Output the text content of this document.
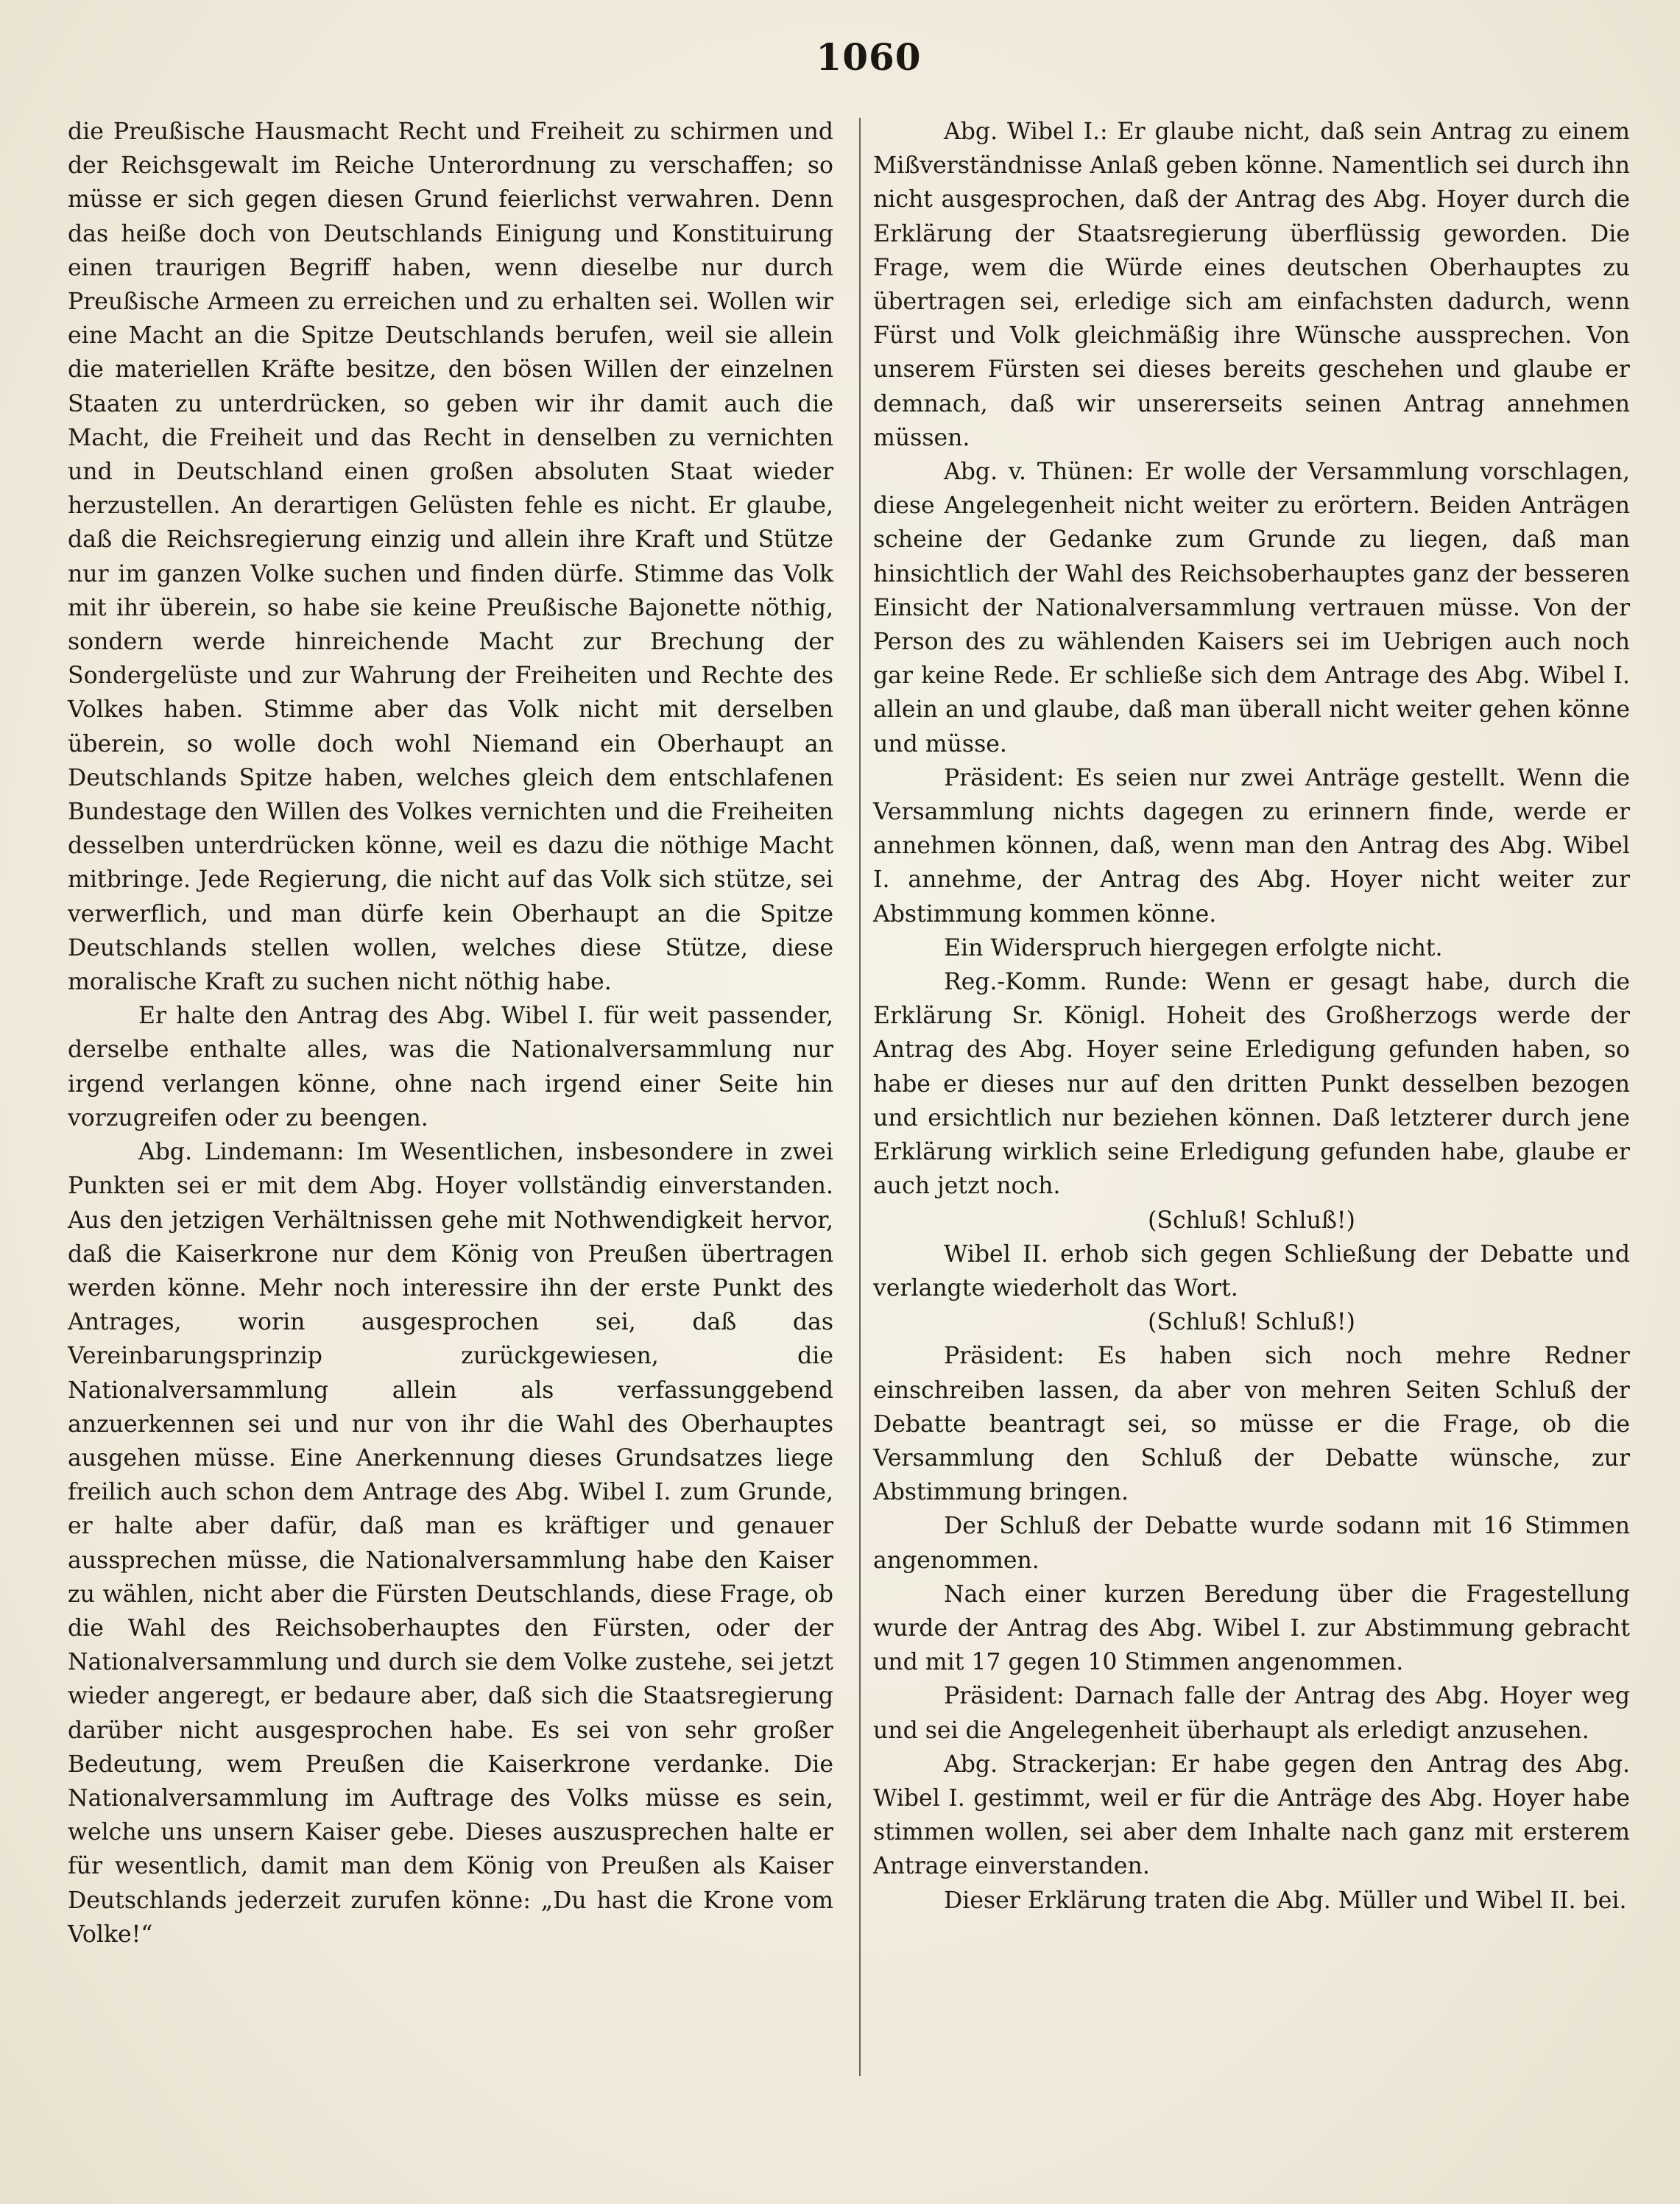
1060

die Preußische Hausmacht Recht und Freiheit zu schirmen und der Reichsgewalt im Reiche Unterordnung zu verschaffen; so müsse er sich gegen diesen Grund feierlichst verwahren. Denn das heiße doch von Deutschlands Einigung und Konstituirung einen traurigen Begriff haben, wenn dieselbe nur durch Preußische Armeen zu erreichen und zu erhalten sei. Wollen wir eine Macht an die Spitze Deutschlands berufen, weil sie allein die materiellen Kräfte besitze, den bösen Willen der einzelnen Staaten zu unterdrücken, so geben wir ihr damit auch die Macht, die Freiheit und das Recht in denselben zu vernichten und in Deutschland einen großen absoluten Staat wieder herzustellen. An derartigen Gelüsten fehle es nicht. Er glaube, daß die Reichsregierung einzig und allein ihre Kraft und Stütze nur im ganzen Volke suchen und finden dürfe. Stimme das Volk mit ihr überein, so habe sie keine Preußische Bajonette nöthig, sondern werde hinreichende Macht zur Brechung der Sondergelüste und zur Wahrung der Freiheiten und Rechte des Volkes haben. Stimme aber das Volk nicht mit derselben überein, so wolle doch wohl Niemand ein Oberhaupt an Deutschlands Spitze haben, welches gleich dem entschlafenen Bundestage den Willen des Volkes vernichten und die Freiheiten desselben unterdrücken könne, weil es dazu die nöthige Macht mitbringe. Jede Regierung, die nicht auf das Volk sich stütze, sei verwerflich, und man dürfe kein Oberhaupt an die Spitze Deutschlands stellen wollen, welches diese Stütze, diese moralische Kraft zu suchen nicht nöthig habe.

Er halte den Antrag des Abg. Wibel I. für weit passender, derselbe enthalte alles, was die Nationalversammlung nur irgend verlangen könne, ohne nach irgend einer Seite hin vorzugreifen oder zu beengen.

Abg. Lindemann: Im Wesentlichen, insbesondere in zwei Punkten sei er mit dem Abg. Hoyer vollständig einverstanden. Aus den jetzigen Verhältnissen gehe mit Nothwendigkeit hervor, daß die Kaiserkrone nur dem König von Preußen übertragen werden könne. Mehr noch interessire ihn der erste Punkt des Antrages, worin ausgesprochen sei, daß das Vereinbarungsprinzip zurückgewiesen, die Nationalversammlung allein als verfassunggebend anzuerkennen sei und nur von ihr die Wahl des Oberhauptes ausgehen müsse. Eine Anerkennung dieses Grundsatzes liege freilich auch schon dem Antrage des Abg. Wibel I. zum Grunde, er halte aber dafür, daß man es kräftiger und genauer aussprechen müsse, die Nationalversammlung habe den Kaiser zu wählen, nicht aber die Fürsten Deutschlands, diese Frage, ob die Wahl des Reichsoberhauptes den Fürsten, oder der Nationalversammlung und durch sie dem Volke zustehe, sei jetzt wieder angeregt, er bedaure aber, daß sich die Staatsregierung darüber nicht ausgesprochen habe. Es sei von sehr großer Bedeutung, wem Preußen die Kaiserkrone verdanke. Die Nationalversammlung im Auftrage des Volks müsse es sein, welche uns unsern Kaiser gebe. Dieses auszusprechen halte er für wesentlich, damit man dem König von Preußen als Kaiser Deutschlands jederzeit zurufen könne: „Du hast die Krone vom Volke!“

Abg. Wibel I.: Er glaube nicht, daß sein Antrag zu einem Mißverständnisse Anlaß geben könne. Namentlich sei durch ihn nicht ausgesprochen, daß der Antrag des Abg. Hoyer durch die Erklärung der Staatsregierung überflüssig geworden. Die Frage, wem die Würde eines deutschen Oberhauptes zu übertragen sei, erledige sich am einfachsten dadurch, wenn Fürst und Volk gleichmäßig ihre Wünsche aussprechen. Von unserem Fürsten sei dieses bereits geschehen und glaube er demnach, daß wir unsererseits seinen Antrag annehmen müssen.

Abg. v. Thünen: Er wolle der Versammlung vorschlagen, diese Angelegenheit nicht weiter zu erörtern. Beiden Anträgen scheine der Gedanke zum Grunde zu liegen, daß man hinsichtlich der Wahl des Reichsoberhauptes ganz der besseren Einsicht der Nationalversammlung vertrauen müsse. Von der Person des zu wählenden Kaisers sei im Uebrigen auch noch gar keine Rede. Er schließe sich dem Antrage des Abg. Wibel I. allein an und glaube, daß man überall nicht weiter gehen könne und müsse.

Präsident: Es seien nur zwei Anträge gestellt. Wenn die Versammlung nichts dagegen zu erinnern finde, werde er annehmen können, daß, wenn man den Antrag des Abg. Wibel I. annehme, der Antrag des Abg. Hoyer nicht weiter zur Abstimmung kommen könne.

Ein Widerspruch hiergegen erfolgte nicht.

Reg.-Komm. Runde: Wenn er gesagt habe, durch die Erklärung Sr. Königl. Hoheit des Großherzogs werde der Antrag des Abg. Hoyer seine Erledigung gefunden haben, so habe er dieses nur auf den dritten Punkt desselben bezogen und ersichtlich nur beziehen können. Daß letzterer durch jene Erklärung wirklich seine Erledigung gefunden habe, glaube er auch jetzt noch.

(Schluß! Schluß!)

Wibel II. erhob sich gegen Schließung der Debatte und verlangte wiederholt das Wort.

(Schluß! Schluß!)

Präsident: Es haben sich noch mehre Redner einschreiben lassen, da aber von mehren Seiten Schluß der Debatte beantragt sei, so müsse er die Frage, ob die Versammlung den Schluß der Debatte wünsche, zur Abstimmung bringen.

Der Schluß der Debatte wurde sodann mit 16 Stimmen angenommen.

Nach einer kurzen Beredung über die Fragestellung wurde der Antrag des Abg. Wibel I. zur Abstimmung gebracht und mit 17 gegen 10 Stimmen angenommen.

Präsident: Darnach falle der Antrag des Abg. Hoyer weg und sei die Angelegenheit überhaupt als erledigt anzusehen.

Abg. Strackerjan: Er habe gegen den Antrag des Abg. Wibel I. gestimmt, weil er für die Anträge des Abg. Hoyer habe stimmen wollen, sei aber dem Inhalte nach ganz mit ersterem Antrage einverstanden.

Dieser Erklärung traten die Abg. Müller und Wibel II. bei.
